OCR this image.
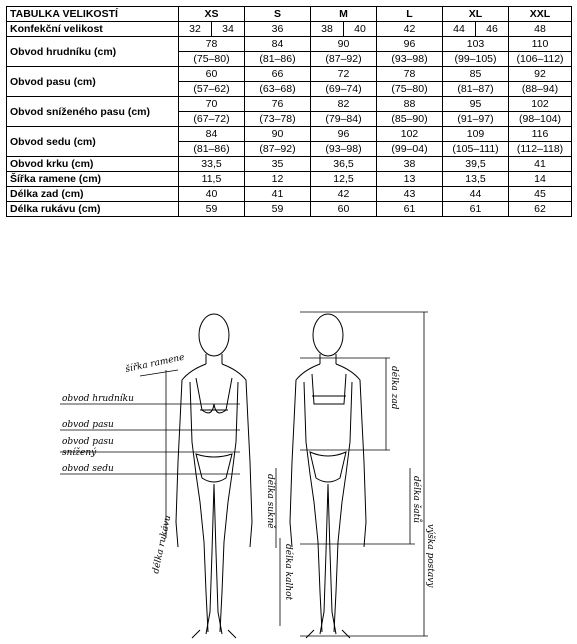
TABULKA VELIKOSTÍ	XS	S	M	L	XL	XXL
Konfekční velikost	32 34	36	38 40	42	44 46	48
Obvod hrudníku (cm)	78	84	90	96	103	110
	(75–80)	(81–86)	(87–92)	(93–98)	(99–105)	(106–112)
Obvod pasu (cm)	60	66	72	78	85	92
	(57–62)	(63–68)	(69–74)	(75–80)	(81–87)	(88–94)
Obvod sníženého pasu (cm)	70	76	82	88	95	102
	(67–72)	(73–78)	(79–84)	(85–90)	(91–97)	(98–104)
Obvod sedu (cm)	84	90	96	102	109	116
	(81–86)	(87–92)	(93–98)	(99–04)	(105–111)	(112–118)
Obvod krku (cm)	33,5	35	36,5	38	39,5	41
Šířka ramene (cm)	11,5	12	12,5	13	13,5	14
Délka zad (cm)	40	41	42	43	44	45
Délka rukávu (cm)	59	59	60	61	61	62
šířka ramene
obvod hrudníku
obvod pasu
obvod pasu
snížený
obvod sedu
délka rukávu
délka sukně
délka kalhot
délka zad
délka šatů
výška postavy
